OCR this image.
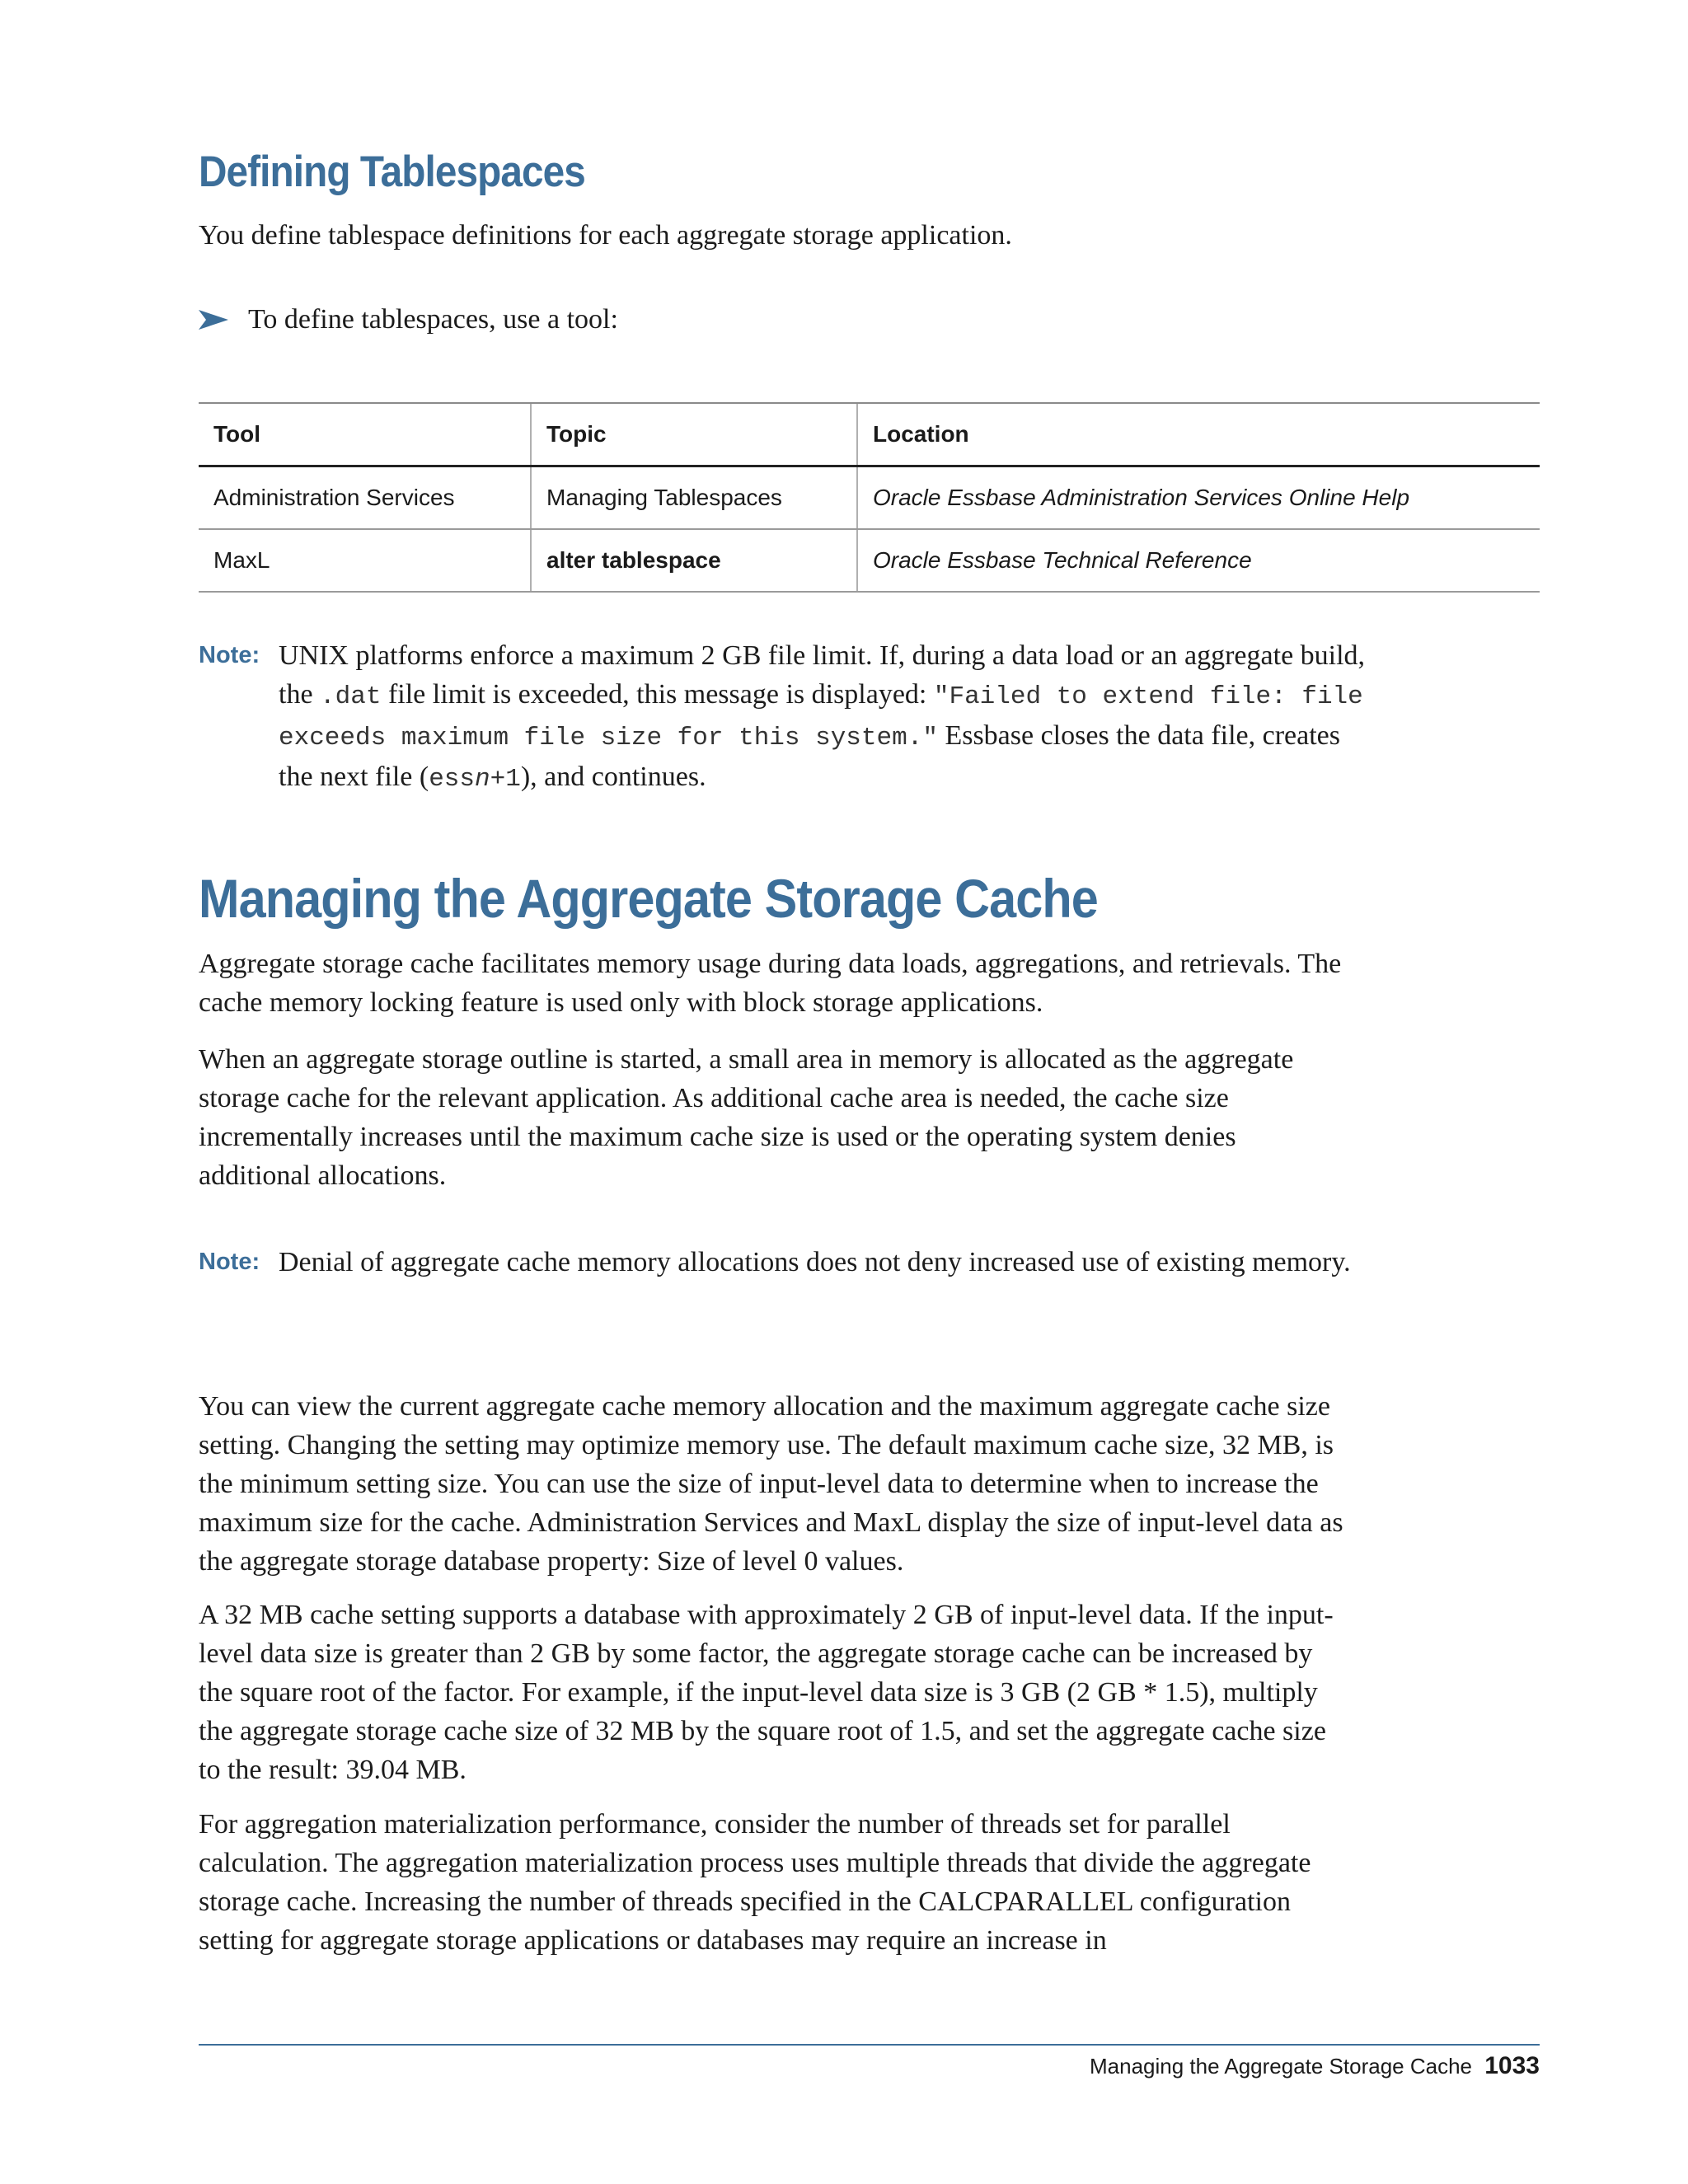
Defining Tablespaces

You define tablespace definitions for each aggregate storage application.

To define tablespaces, use a tool:
Tool	Topic	Location
Administration Services	Managing Tablespaces	Oracle Essbase Administration Services Online Help
MaxL	alter tablespace	Oracle Essbase Technical Reference
Note: UNIX platforms enforce a maximum 2 GB file limit. If, during a data load or an aggregate build, the .dat file limit is exceeded, this message is displayed: "Failed to extend file: file exceeds maximum file size for this system." Essbase closes the data file, creates the next file (essn+1), and continues.
Managing the Aggregate Storage Cache

Aggregate storage cache facilitates memory usage during data loads, aggregations, and retrievals. The cache memory locking feature is used only with block storage applications.

When an aggregate storage outline is started, a small area in memory is allocated as the aggregate storage cache for the relevant application. As additional cache area is needed, the cache size incrementally increases until the maximum cache size is used or the operating system denies additional allocations.

Note: Denial of aggregate cache memory allocations does not deny increased use of existing memory.

You can view the current aggregate cache memory allocation and the maximum aggregate cache size setting. Changing the setting may optimize memory use. The default maximum cache size, 32 MB, is the minimum setting size. You can use the size of input-level data to determine when to increase the maximum size for the cache. Administration Services and MaxL display the size of input-level data as the aggregate storage database property: Size of level 0 values.

A 32 MB cache setting supports a database with approximately 2 GB of input-level data. If the input-level data size is greater than 2 GB by some factor, the aggregate storage cache can be increased by the square root of the factor. For example, if the input-level data size is 3 GB (2 GB * 1.5), multiply the aggregate storage cache size of 32 MB by the square root of 1.5, and set the aggregate cache size to the result: 39.04 MB.

For aggregation materialization performance, consider the number of threads set for parallel calculation. The aggregation materialization process uses multiple threads that divide the aggregate storage cache. Increasing the number of threads specified in the CALCPARALLEL configuration setting for aggregate storage applications or databases may require an increase in

Managing the Aggregate Storage Cache 1033
